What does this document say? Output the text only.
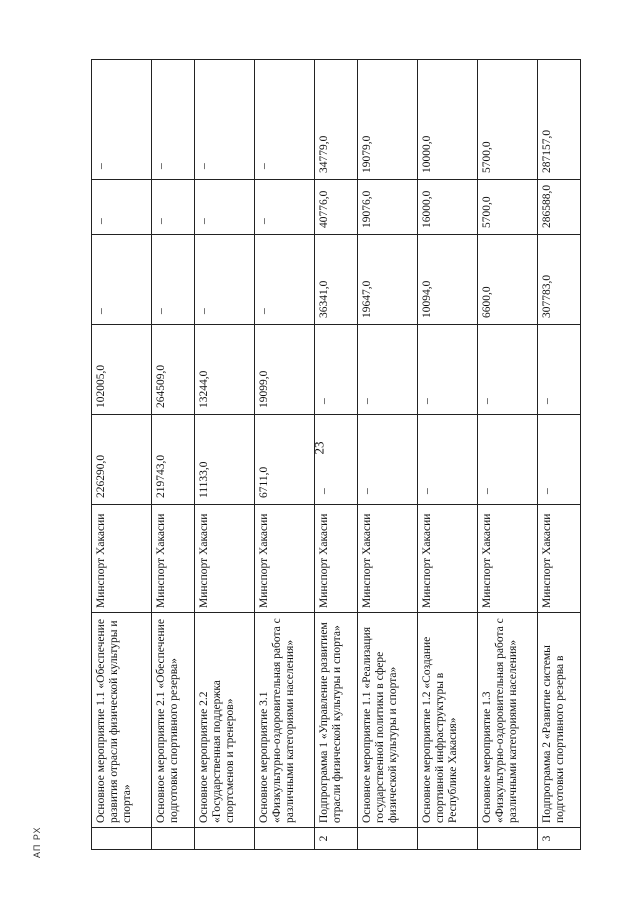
23
АП РХ
	Основное мероприятие 1.1 «Обеспечение развития отрасли физической культуры и спорта»	Минспорт Хакасии	226290,0	102005,0	–	–	–
	Основное мероприятие 2.1 «Обеспечение подготовки спортивного резерва»	Минспорт Хакасии	219743,0	264509,0	–	–	–
	Основное мероприятие 2.2 «Государственная поддержка спортсменов и тренеров»	Минспорт Хакасии	11133,0	13244,0	–	–	–
	Основное мероприятие 3.1 «Физкультурно-оздоровительная работа с различными категориями населения»	Минспорт Хакасии	6711,0	19099,0	–	–	–
2	Подпрограмма 1 «Управление развитием отрасли физической культуры и спорта»	Минспорт Хакасии	–	–	36341,0	40776,0	34779,0
	Основное мероприятие 1.1 «Реализация государственной политики в сфере физической культуры и спорта»	Минспорт Хакасии	–	–	19647,0	19076,0	19079,0
	Основное мероприятие 1.2 «Создание спортивной инфраструктуры в Республике Хакасия»	Минспорт Хакасии	–	–	10094,0	16000,0	10000,0
	Основное мероприятие 1.3 «Физкультурно-оздоровительная работа с различными категориями населения»	Минспорт Хакасии	–	–	6600,0	5700,0	5700,0
3	Подпрограмма 2 «Развитие системы подготовки спортивного резерва в	Минспорт Хакасии	–	–	307783,0	286588,0	287157,0
